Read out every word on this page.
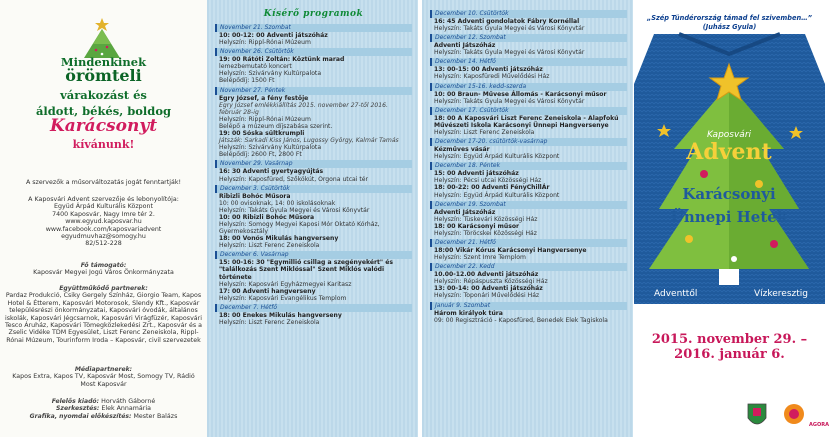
Mindenkinek
örömteli
várakozást és
áldott, békés, boldog
Karácsonyt
kívánunk!
A szervezők a műsorváltozatás jogát fenntartják!
A Kaposvári Advent szervezője és lebonyolítója:
Együd Árpád Kulturális Központ
7400 Kaposvár, Nagy Imre tér 2.
www.egyud.kaposvar.hu
www.facebook.com/kaposvariadvent
egyudmuvhaz@somogy.hu
82/512-228
Fő támogató:
Kaposvár Megyei Jogú Város Önkormányzata
Együttműködő partnerek:
Pardaz Produkció, Csiky Gergely Színház, Giorgio Team, Kapos Hotel & Étterem, Kaposvári Motorosok, Slendy Kft., Kaposvár településrészi önkormányzatai, Kaposvári óvodák, általános iskolák, Kaposvári Jégcsarnok, Kaposvári Virágfüzér, Kaposvári Tesco Áruház, Kaposvári Tömegközlekedési Zrt., Kaposvár és a Zselic Vidéke TDM Egyesület, Liszt Ferenc Zeneiskola, Rippl-Rónai Múzeum, Tourinform Iroda – Kaposvár, civil szervezetek
Médiapartnerek:
Kapos Extra, Kapos TV, Kaposvár Most, Somogy TV, Rádió Most Kaposvár
Felelős kiadó: Horváth Gáborné
Szerkesztés: Elek Annamária
Grafika, nyomdai előkészítés: Mester Balázs
Kísérő programok
November 21. Szombat
10: 00-12: 00 Adventi játszóház
Helyszín: Rippl-Rónai Múzeum
November 26. Csütörtök
19: 00 Rátóti Zoltán: Köztünk marad
lemezbemutató koncert
Helyszín: Szivárvány Kultúrpalota
Belépődíj: 1500 Ft
November 27. Péntek
Egry József, a fény festője
Egry József emlékkiállítás 2015. november 27-től 2016. február 28-ig
Helyszín: Rippl-Rónai Múzeum
Belépő a múzeum díjszabása szerint.
19: 00 Sóska sültkrumpli
Játszák: Sarkadi Kiss János, Lugossy György, Kalmár Tamás
Helyszín: Szivárvány Kultúrpalota
Belépődíj: 2600 Ft, 2800 Ft
November 29. Vasárnap
16: 30 Adventi gyertyagyújtás
Helyszín: Kaposfüred, Szőkökút, Orgona utcai tér
December 3. Csütörtök
Ribizli Bohóc Műsora
10: 00 ovisoknak, 14: 00 iskolásoknak
Helyszín: Takáts Gyula Megyei és Városi Könyvtár
10: 00 Ribizli Bohóc Műsora
Helyszín: Somogy Megyei Kaposi Mór Oktató Kórház, Gyermekosztály
18: 00 Vonós Mikulás hangverseny
Helyszín: Liszt Ferenc Zeneiskola
December 6. Vasárnap
15: 00-16: 30 "Egymillió csillag a szegényekért" és "találkozás Szent Miklóssal" Szent Miklós valódi története
Helyszín: Kaposvári Egyházmegyei Karitasz
17: 00 Adventi hangverseny
Helyszín: Kaposvári Evangélikus Templom
December 7. Hétfő
18: 00 Enekes Mikulás hangverseny
Helyszín: Liszt Ferenc Zeneiskola
December 10. Csütörtök
16: 45 Adventi gondolatok Fábry Kornéllal
Helyszín: Takáts Gyula Megyei és Városi Könyvtár
December 12. Szombat
Adventi Játszóház
Helyszín: Takáts Gyula Megyei és Városi Könyvtár
December 14. Hétfő
13: 00-15: 00 Adventi játszóház
Helyszín: Kaposfüredi Művelődési Ház
December 15-16. kedd-szerda
10: 00 Braun- Művese Állomás - Karácsonyi műsor
Helyszín: Takáts Gyula Megyei és Városi Könyvtár
December 17. Csütörtök
18: 00 A Kaposvári Liszt Ferenc Zeneiskola - Alapfokú Művészeti Iskola Karácsonyi Ünnepi Hangversenye
Helyszín: Liszt Ferenc Zeneiskola
December 17-20. csütörtök-vasárnap
Kézműves vásár
Helyszín: Együd Árpád Kulturális Központ
December 18. Péntek
15: 00 Adventi játszóház
Helyszín: Pécsi utcai Közösségi Ház
18: 00-22: 00 Adventi FényChillÁr
Helyszín: Együd Árpád Kulturális Központ
December 19. Szombat
Adventi Játszóház
Helyszín: Tüskevári Közösségi Ház
18: 00 Karácsonyi műsor
Helyszín: Töröcskei Közösségi Ház
December 21. Hétfő
18:00 Vikár Kórus Karácsonyi Hangversenye
Helyszín: Szent Imre Templom
December 22. Kedd
10.00-12.00 Adventi játszóház
Helyszín: Répáspuszta Közösségi Ház
13: 00-14: 00 Adventi játszóház
Helyszín: Toponári Művelődési Ház
Január 9. Szombat
Három királyok túra
09: 00 Regisztráció - Kaposfüred, Benedek Elek Tagiskola
„Szép Tündérország támad fel szivemben…”
(Juhász Gyula)
Kaposvári
Advent
Karácsonyi
Ünnepi Hetek
Adventtől	Vízkeresztig
2015. november 29. –
2016. január 6.
AGORA
